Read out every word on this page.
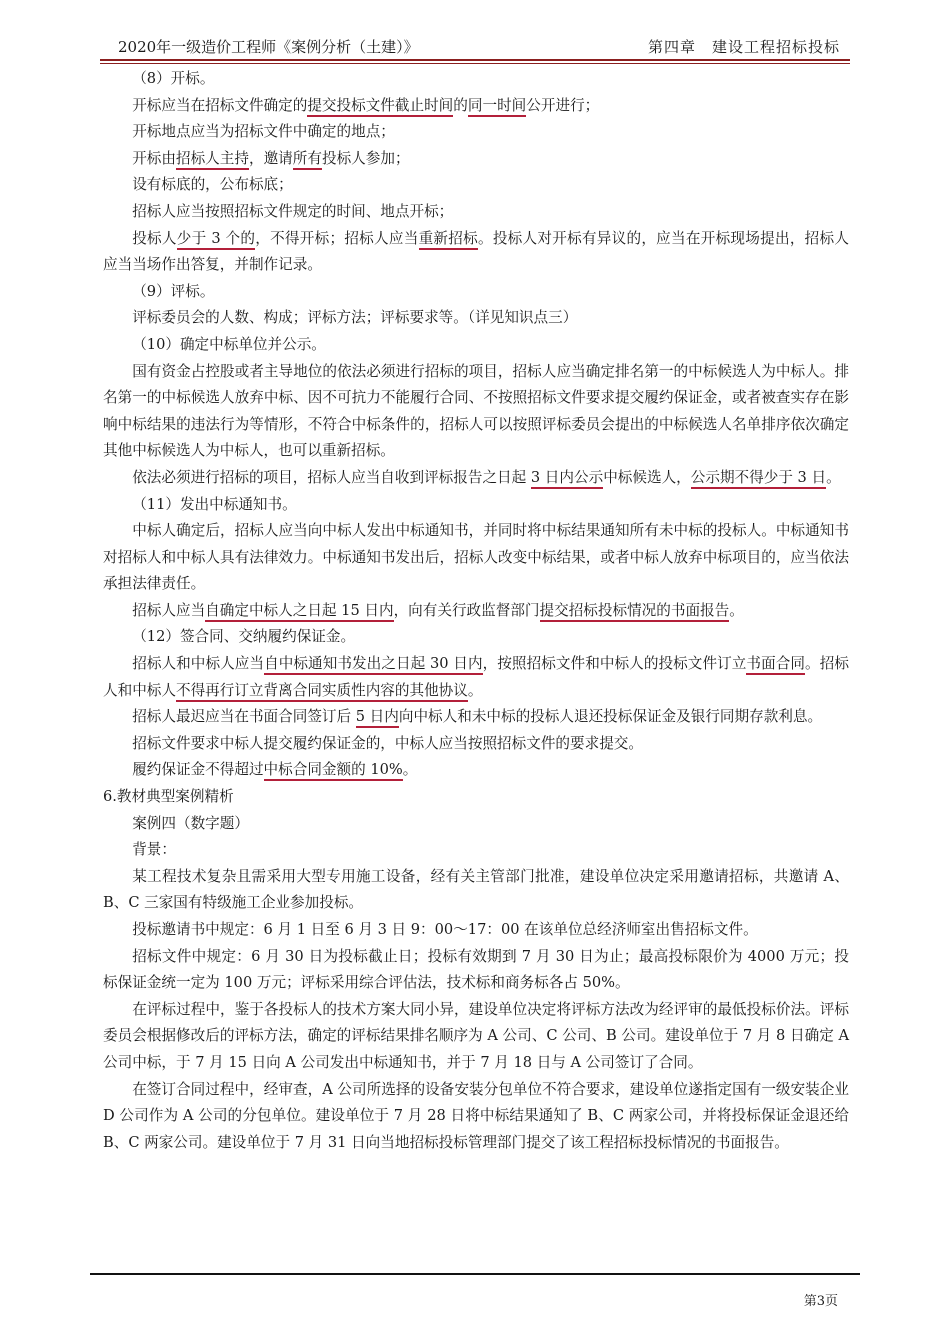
2020年一级造价工程师《案例分析（土建）》	第四章　建设工程招标投标

（8）开标。

开标应当在招标文件确定的提交投标文件截止时间的同一时间公开进行；

开标地点应当为招标文件中确定的地点；

开标由招标人主持，邀请所有投标人参加；

设有标底的，公布标底；

招标人应当按照招标文件规定的时间、地点开标；

投标人少于 3 个的，不得开标；招标人应当重新招标。投标人对开标有异议的，应当在开标现场提出，招标人应当当场作出答复，并制作记录。

（9）评标。

评标委员会的人数、构成；评标方法；评标要求等。（详见知识点三）

（10）确定中标单位并公示。

国有资金占控股或者主导地位的依法必须进行招标的项目，招标人应当确定排名第一的中标候选人为中标人。排名第一的中标候选人放弃中标、因不可抗力不能履行合同、不按照招标文件要求提交履约保证金，或者被查实存在影响中标结果的违法行为等情形，不符合中标条件的，招标人可以按照评标委员会提出的中标候选人名单排序依次确定其他中标候选人为中标人，也可以重新招标。

依法必须进行招标的项目，招标人应当自收到评标报告之日起 3 日内公示中标候选人，公示期不得少于 3 日。

（11）发出中标通知书。

中标人确定后，招标人应当向中标人发出中标通知书，并同时将中标结果通知所有未中标的投标人。中标通知书对招标人和中标人具有法律效力。中标通知书发出后，招标人改变中标结果，或者中标人放弃中标项目的，应当依法承担法律责任。

招标人应当自确定中标人之日起 15 日内，向有关行政监督部门提交招标投标情况的书面报告。

（12）签合同、交纳履约保证金。

招标人和中标人应当自中标通知书发出之日起 30 日内，按照招标文件和中标人的投标文件订立书面合同。招标人和中标人不得再行订立背离合同实质性内容的其他协议。

招标人最迟应当在书面合同签订后 5 日内向中标人和未中标的投标人退还投标保证金及银行同期存款利息。

招标文件要求中标人提交履约保证金的，中标人应当按照招标文件的要求提交。

履约保证金不得超过中标合同金额的 10%。

6.教材典型案例精析

案例四（数字题）

背景：

某工程技术复杂且需采用大型专用施工设备，经有关主管部门批准，建设单位决定采用邀请招标，共邀请 A、B、C 三家国有特级施工企业参加投标。

投标邀请书中规定：6 月 1 日至 6 月 3 日 9：00～17：00 在该单位总经济师室出售招标文件。

招标文件中规定：6 月 30 日为投标截止日；投标有效期到 7 月 30 日为止；最高投标限价为 4000 万元；投标保证金统一定为 100 万元；评标采用综合评估法，技术标和商务标各占 50%。

在评标过程中，鉴于各投标人的技术方案大同小异，建设单位决定将评标方法改为经评审的最低投标价法。评标委员会根据修改后的评标方法，确定的评标结果排名顺序为 A 公司、C 公司、B 公司。建设单位于 7 月 8 日确定 A 公司中标，于 7 月 15 日向 A 公司发出中标通知书，并于 7 月 18 日与 A 公司签订了合同。

在签订合同过程中，经审查，A 公司所选择的设备安装分包单位不符合要求，建设单位遂指定国有一级安装企业 D 公司作为 A 公司的分包单位。建设单位于 7 月 28 日将中标结果通知了 B、C 两家公司，并将投标保证金退还给 B、C 两家公司。建设单位于 7 月 31 日向当地招标投标管理部门提交了该工程招标投标情况的书面报告。

第3页
